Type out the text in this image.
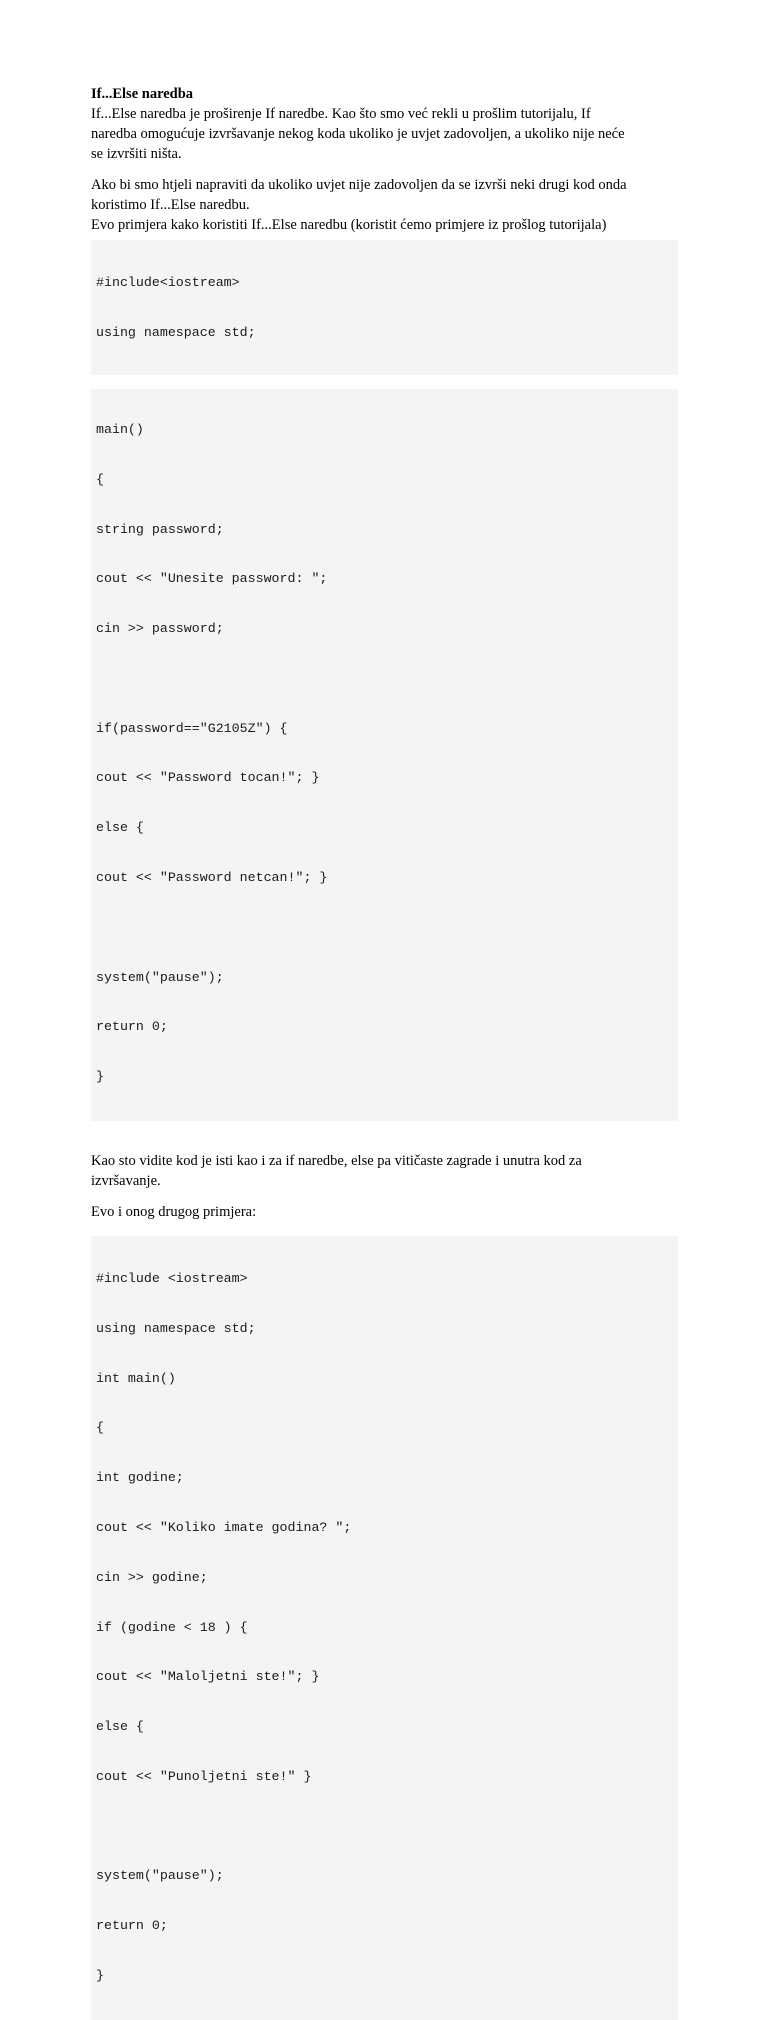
If...Else naredba
If...Else naredba je proširenje If naredbe. Kao što smo već rekli u prošlim tutorijalu, If
naredba omogućuje izvršavanje nekog koda ukoliko je uvjet zadovoljen, a ukoliko nije neće
se izvršiti ništa.
Ako bi smo htjeli napraviti da ukoliko uvjet nije zadovoljen da se izvrši neki drugi kod onda
koristimo If...Else naredbu.
Evo primjera kako koristiti If...Else naredbu (koristit ćemo primjere iz prošlog tutorijala)

#include<iostream>

using namespace std;

main()

{

string password;

cout << "Unesite password: ";

cin >> password;

if(password=="G2105Z") {

cout << "Password tocan!"; }

else {

cout << "Password netcan!"; }

system("pause");

return 0;

}

Kao sto vidite kod je isti kao i za if naredbe, else pa vitičaste zagrade i unutra kod za
izvršavanje.
Evo i onog drugog primjera:

#include <iostream>

using namespace std;

int main()

{

int godine;

cout << "Koliko imate godina? ";

cin >> godine;

if (godine < 18 ) {

cout << "Maloljetni ste!"; }

else {

cout << "Punoljetni ste!" }

system("pause");

return 0;

}
